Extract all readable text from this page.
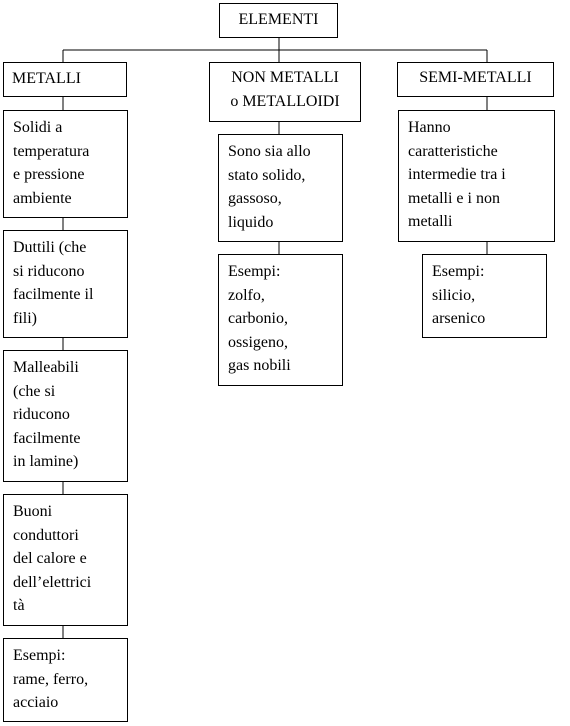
ELEMENTI
METALLI	NON METALLI
o METALLOIDI
SEMI-METALLI
Solidi a
temperatura
e pressione
ambiente
Duttili (che
si riducono
facilmente il
fili)
Malleabili
(che si
riducono
facilmente
in lamine)
Buoni
conduttori
del calore e
dell’elettrici
tà
Esempi:
rame, ferro,
acciaio
Sono sia allo
stato solido,
gassoso,
liquido
Esempi:
zolfo,
carbonio,
ossigeno,
gas nobili
Hanno
caratteristiche
intermedie tra i
metalli e i non
metalli
Esempi:
silicio,
arsenico
